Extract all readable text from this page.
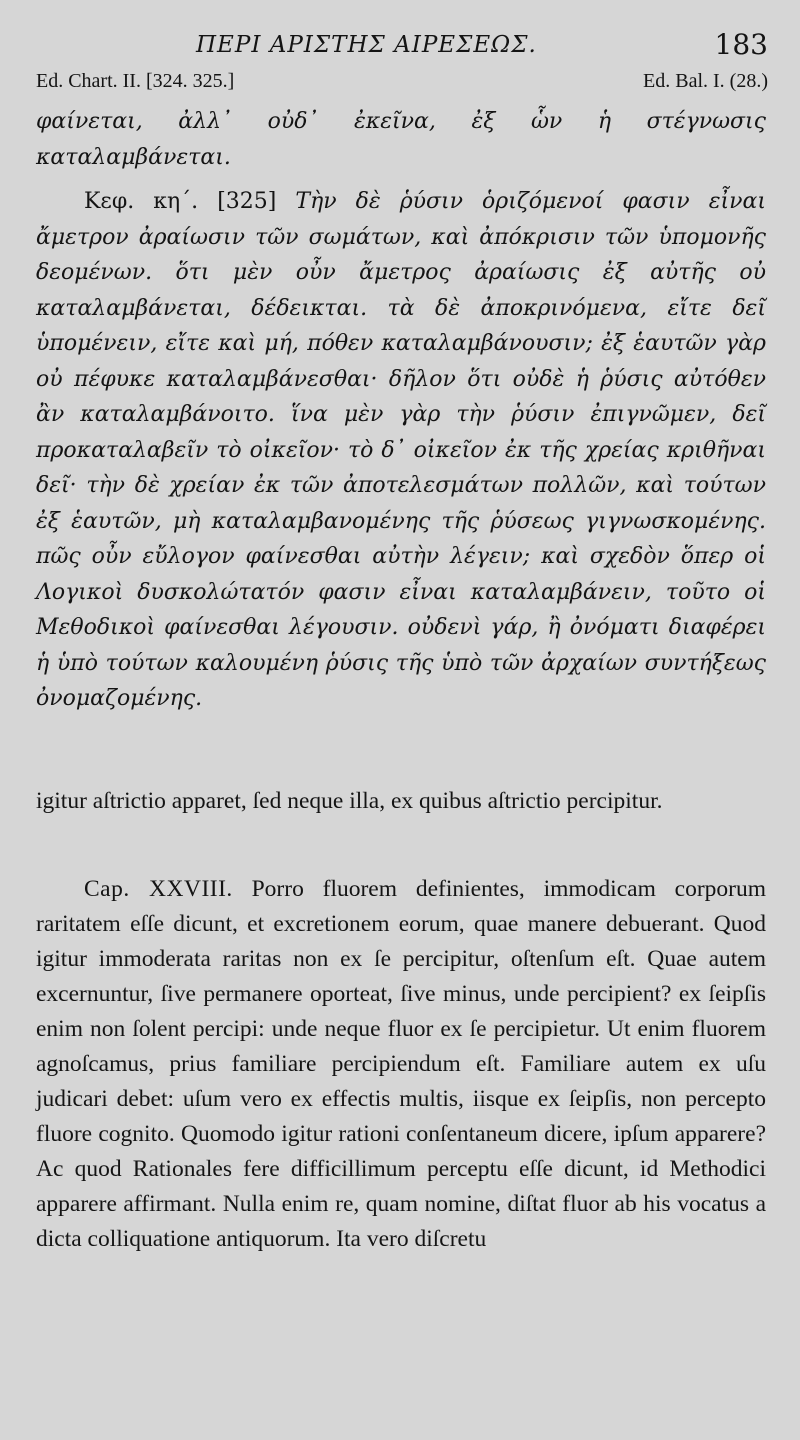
ΠΕΡΙ ΑΡΙΣΤΗΣ ΑΙΡΕΣΕΩΣ.	183
Ed. Chart. II. [324. 325.]	Ed. Bal. I. (28.)

φαίνεται, ἀλλ᾽ οὐδ᾽ ἐκεῖνα, ἐξ ὧν ἡ στέγνωσις καταλαμβάνεται.

Κεφ. κη΄. [325] Τὴν δὲ ῥύσιν ὁριζόμενοί φασιν εἶναι ἄμετρον ἀραίωσιν τῶν σωμάτων, καὶ ἀπόκρισιν τῶν ὑπομονῆς δεομένων. ὅτι μὲν οὖν ἄμετρος ἀραίωσις ἐξ αὐτῆς οὐ καταλαμβάνεται, δέδεικται. τὰ δὲ ἀποκρινόμενα, εἴτε δεῖ ὑπομένειν, εἴτε καὶ μή, πόθεν καταλαμβάνουσιν; ἐξ ἑαυτῶν γὰρ οὐ πέφυκε καταλαμβάνεσθαι· δῆλον ὅτι οὐδὲ ἡ ῥύσις αὐτόθεν ἂν καταλαμβάνοιτο. ἵνα μὲν γὰρ τὴν ῥύσιν ἐπιγνῶμεν, δεῖ προκαταλαβεῖν τὸ οἰκεῖον· τὸ δ᾽ οἰκεῖον ἐκ τῆς χρείας κριθῆναι δεῖ· τὴν δὲ χρείαν ἐκ τῶν ἀποτελεσμάτων πολλῶν, καὶ τούτων ἐξ ἑαυτῶν, μὴ καταλαμβανομένης τῆς ῥύσεως γιγνωσκομένης. πῶς οὖν εὔλογον φαίνεσθαι αὐτὴν λέγειν; καὶ σχεδὸν ὅπερ οἱ Λογικοὶ δυσκολώτατόν φασιν εἶναι καταλαμβάνειν, τοῦτο οἱ Μεθοδικοὶ φαίνεσθαι λέγουσιν. οὐδενὶ γάρ, ἢ ὀνόματι διαφέρει ἡ ὑπὸ τούτων καλουμένη ῥύσις τῆς ὑπὸ τῶν ἀρχαίων συντήξεως ὀνομαζομένης.

igitur aſtrictio apparet, ſed neque illa, ex quibus aſtrictio percipitur.

Cap. XXVIII. Porro fluorem definientes, immodicam corporum raritatem eſſe dicunt, et excretionem eorum, quae manere debuerant. Quod igitur immoderata raritas non ex ſe percipitur, oſtenſum eſt. Quae autem excernuntur, ſive permanere oporteat, ſive minus, unde percipient? ex ſeipſis enim non ſolent percipi: unde neque fluor ex ſe percipietur. Ut enim fluorem agnoſcamus, prius familiare percipiendum eſt. Familiare autem ex uſu judicari debet: uſum vero ex effectis multis, iisque ex ſeipſis, non percepto fluore cognito. Quomodo igitur rationi conſentaneum dicere, ipſum apparere? Ac quod Rationales fere difficillimum perceptu eſſe dicunt, id Methodici apparere affirmant. Nulla enim re, quam nomine, diſtat fluor ab his vocatus a dicta colliquatione antiquorum. Ita vero diſcretu
